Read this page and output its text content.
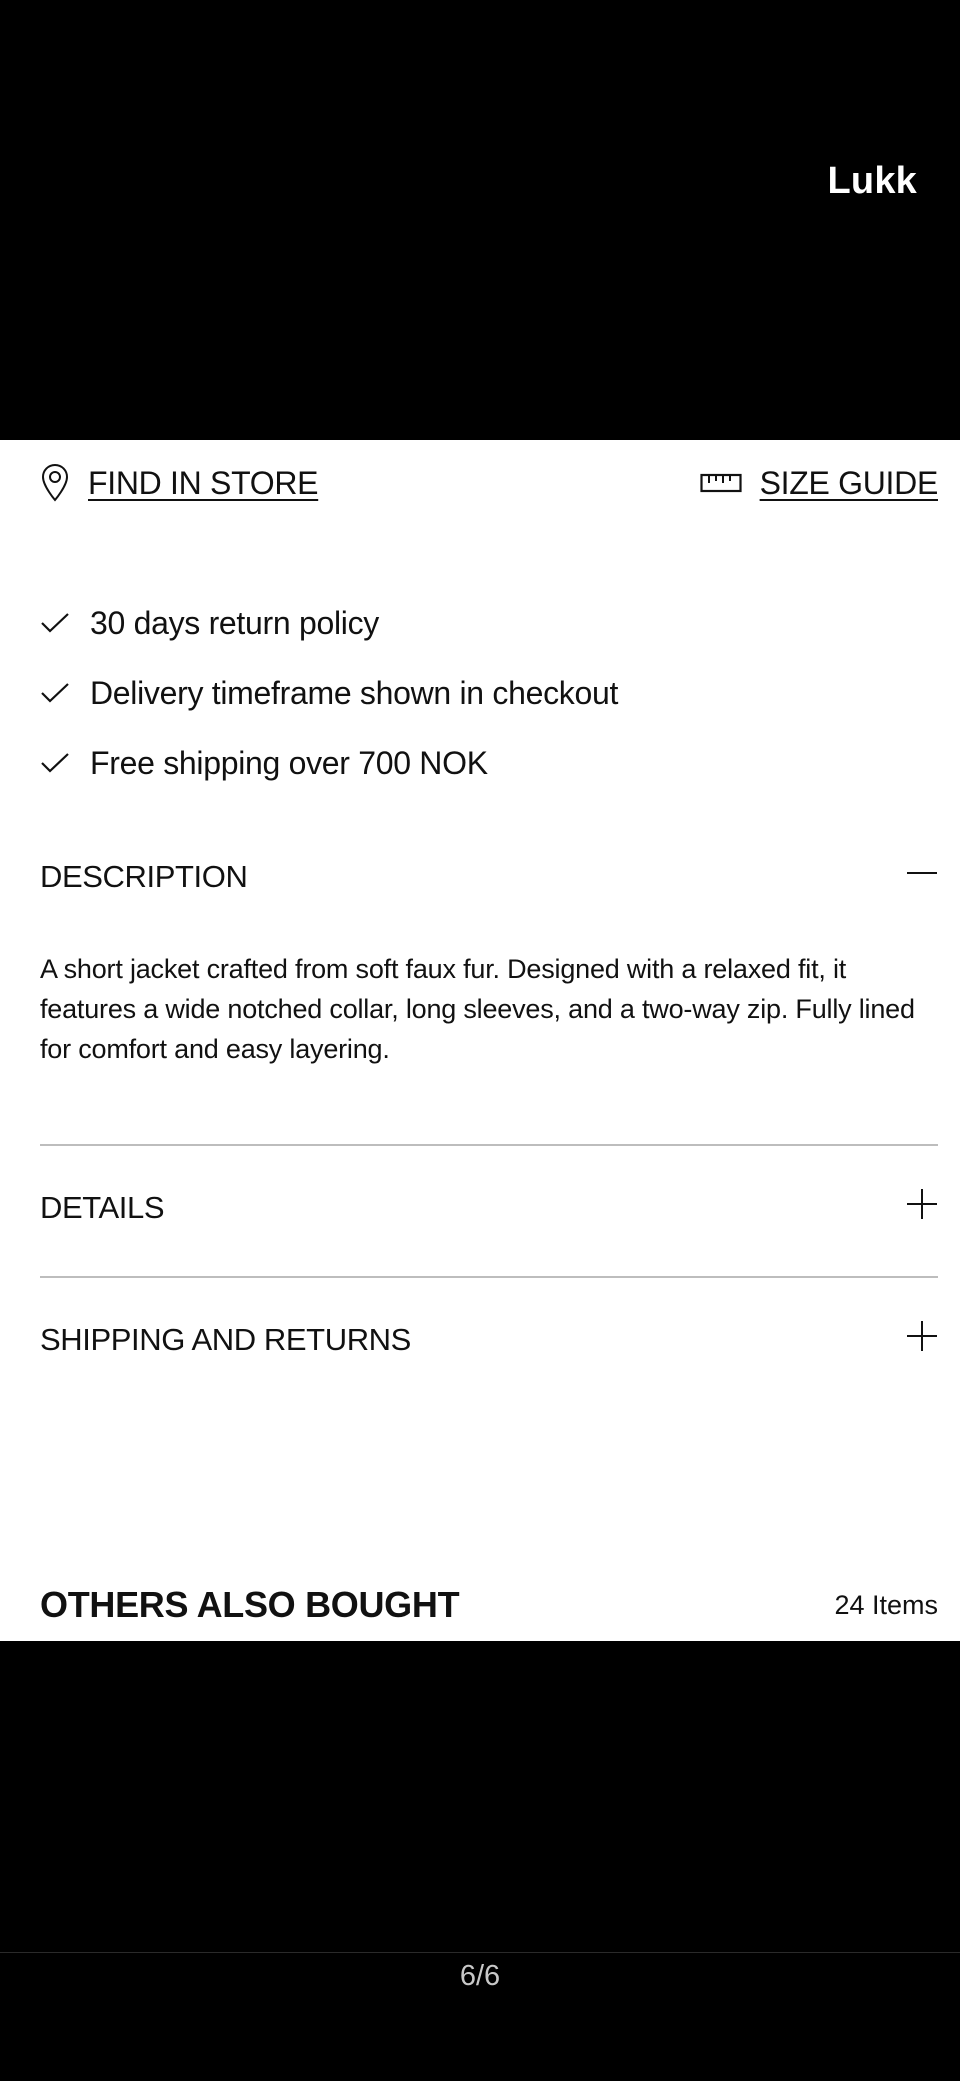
Lukk
FIND IN STORE	SIZE GUIDE
30 days return policy
Delivery timeframe shown in checkout
Free shipping over 700 NOK
DESCRIPTION
A short jacket crafted from soft faux fur. Designed with a relaxed fit, it features a wide notched collar, long sleeves, and a two-way zip. Fully lined for comfort and easy layering.
DETAILS
SHIPPING AND RETURNS
OTHERS ALSO BOUGHT	24 Items
6/6
